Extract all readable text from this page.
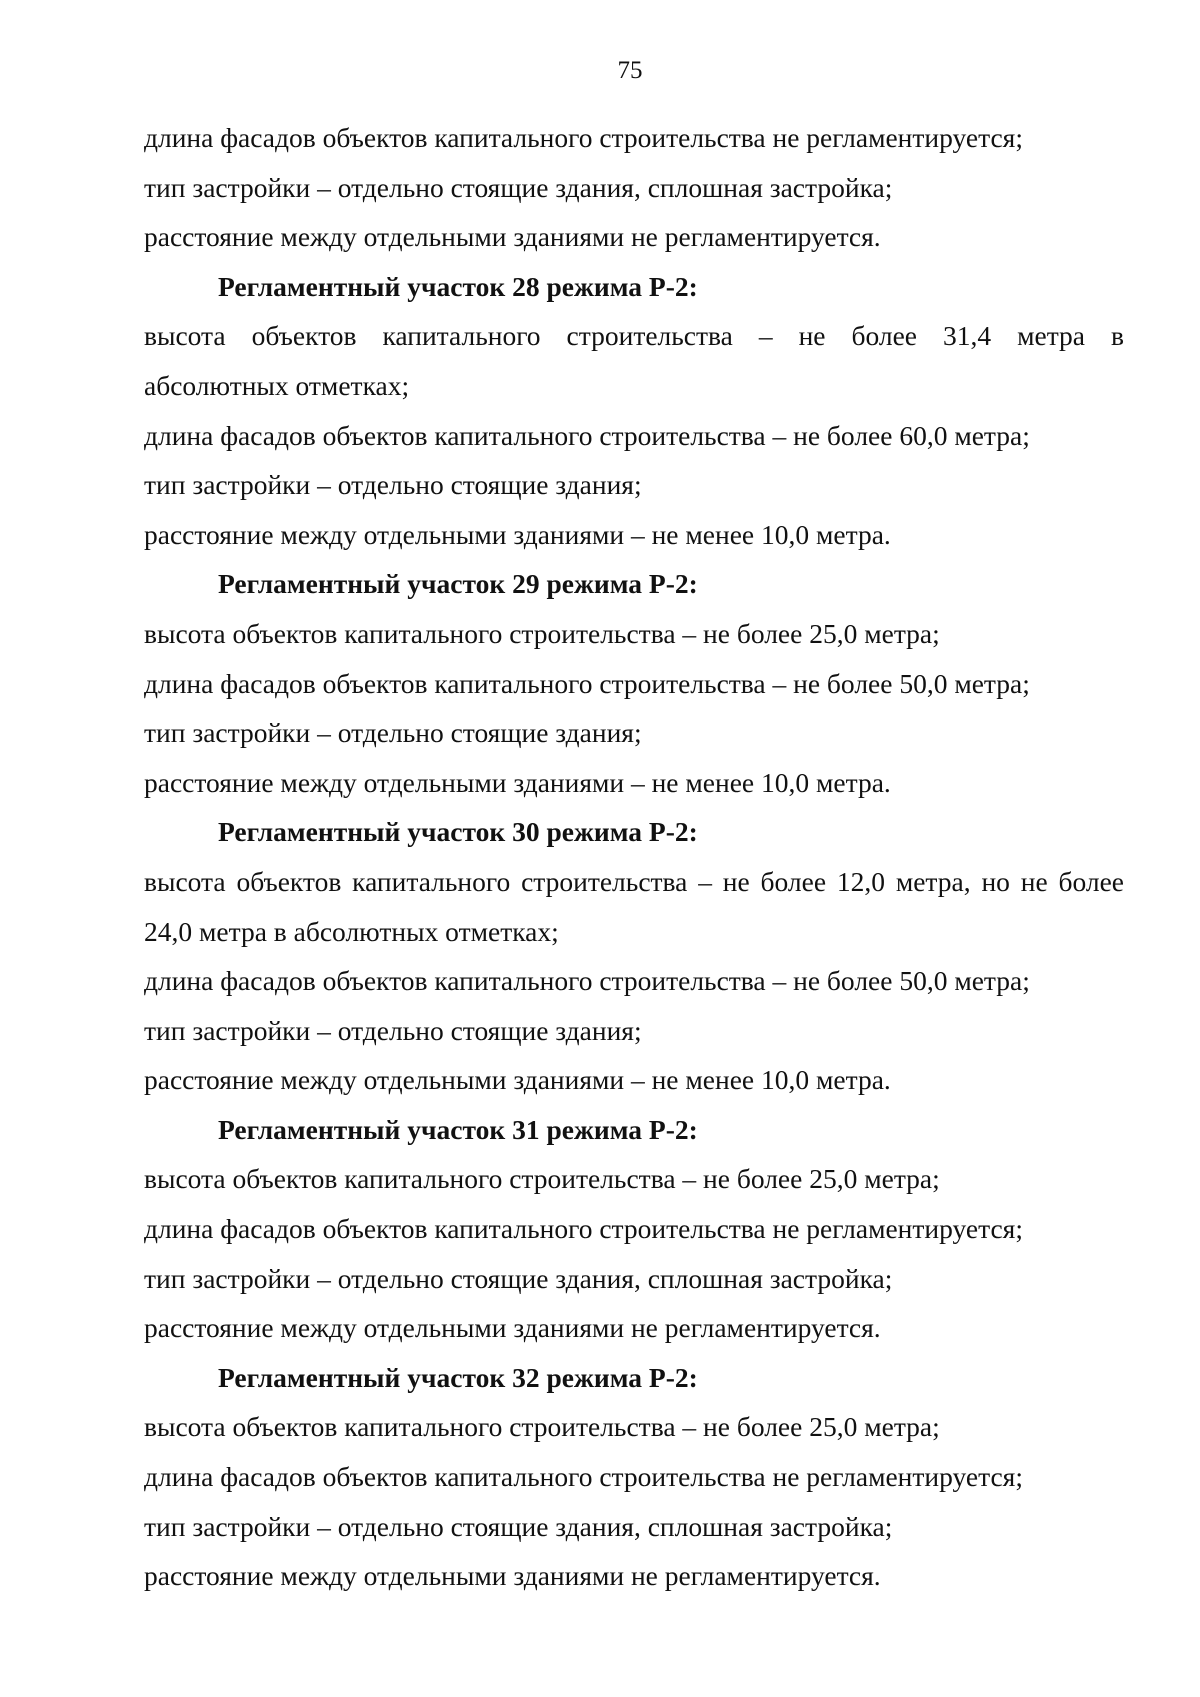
75
длина фасадов объектов капитального строительства не регламентируется;
тип застройки – отдельно стоящие здания, сплошная застройка;
расстояние между отдельными зданиями не регламентируется.
Регламентный участок 28 режима Р-2:
высота объектов капитального строительства – не более 31,4 метра в
абсолютных отметках;
длина фасадов объектов капитального строительства – не более 60,0 метра;
тип застройки – отдельно стоящие здания;
расстояние между отдельными зданиями – не менее 10,0 метра.
Регламентный участок 29 режима Р-2:
высота объектов капитального строительства – не более 25,0 метра;
длина фасадов объектов капитального строительства – не более 50,0 метра;
тип застройки – отдельно стоящие здания;
расстояние между отдельными зданиями – не менее 10,0 метра.
Регламентный участок 30 режима Р-2:
высота объектов капитального строительства – не более 12,0 метра, но не более
24,0 метра в абсолютных отметках;
длина фасадов объектов капитального строительства – не более 50,0 метра;
тип застройки – отдельно стоящие здания;
расстояние между отдельными зданиями – не менее 10,0 метра.
Регламентный участок 31 режима Р-2:
высота объектов капитального строительства – не более 25,0 метра;
длина фасадов объектов капитального строительства не регламентируется;
тип застройки – отдельно стоящие здания, сплошная застройка;
расстояние между отдельными зданиями не регламентируется.
Регламентный участок 32 режима Р-2:
высота объектов капитального строительства – не более 25,0 метра;
длина фасадов объектов капитального строительства не регламентируется;
тип застройки – отдельно стоящие здания, сплошная застройка;
расстояние между отдельными зданиями не регламентируется.
